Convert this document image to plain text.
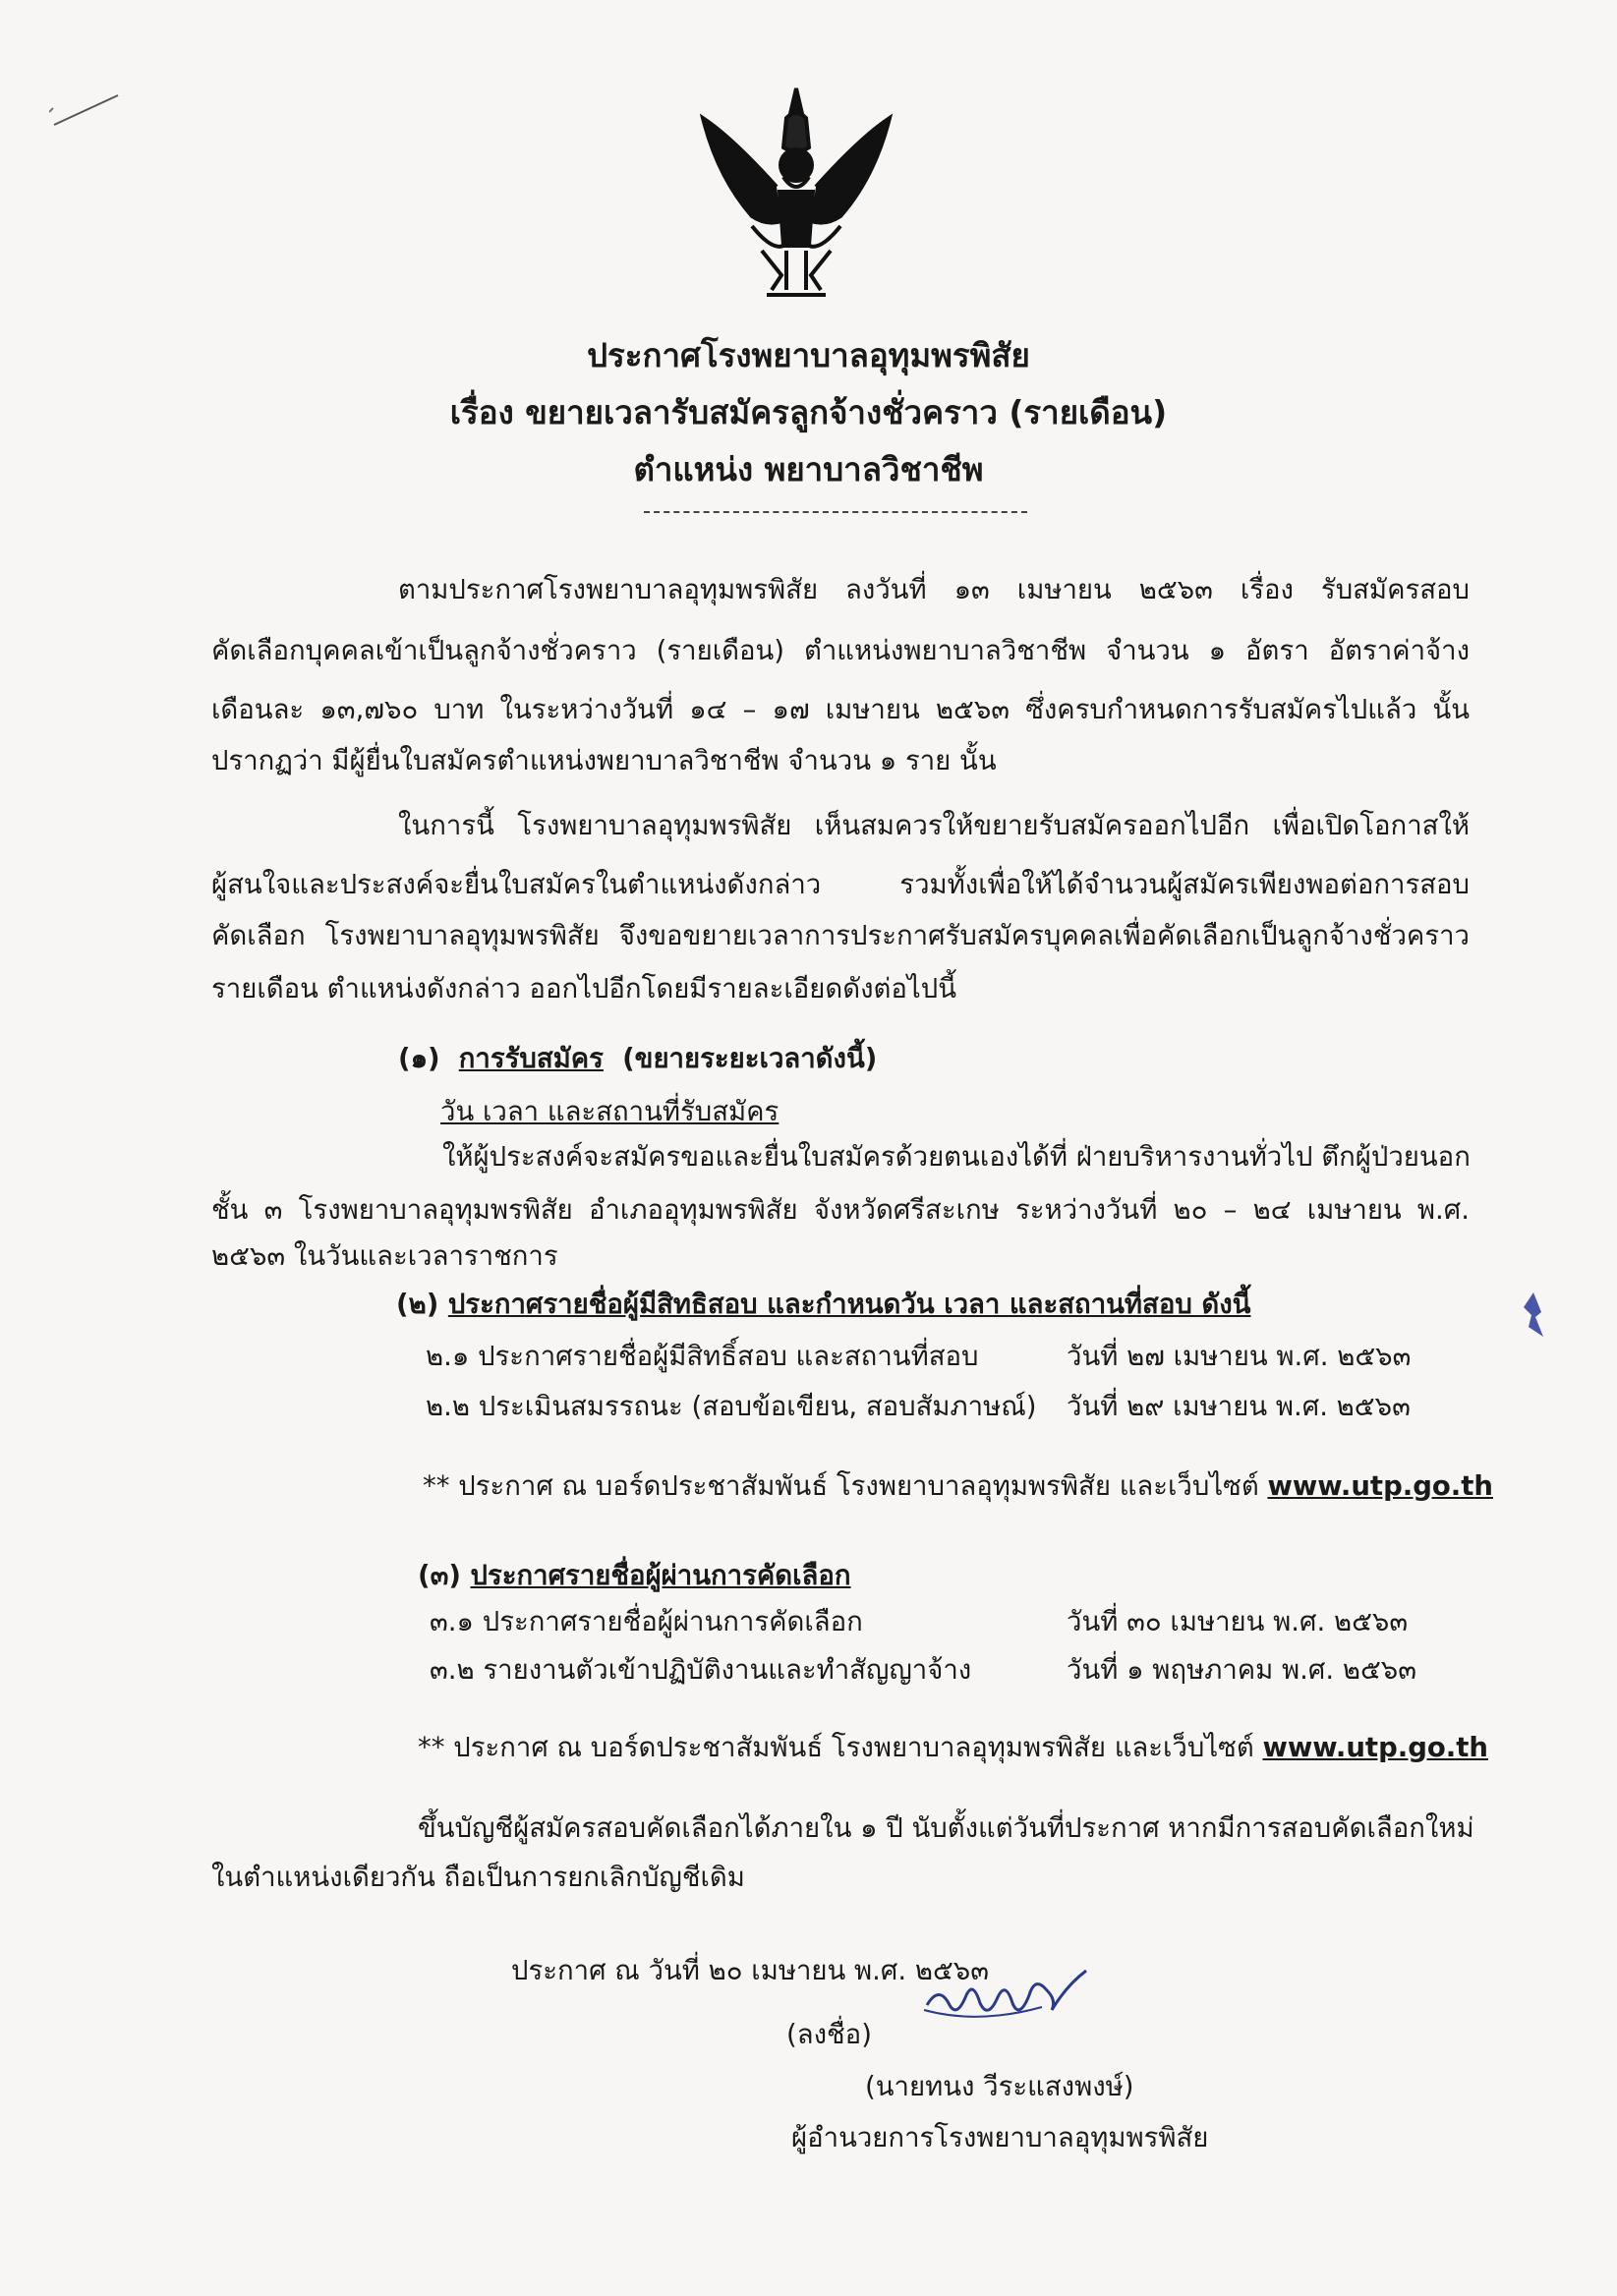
ประกาศโรงพยาบาลอุทุมพรพิสัย
เรื่อง ขยายเวลารับสมัครลูกจ้างชั่วคราว (รายเดือน)
ตำแหน่ง พยาบาลวิชาชีพ
ตามประกาศโรงพยาบาลอุทุมพรพิสัย ลงวันที่ ๑๓ เมษายน ๒๕๖๓ เรื่อง รับสมัครสอบ
คัดเลือกบุคคลเข้าเป็นลูกจ้างชั่วคราว (รายเดือน) ตำแหน่งพยาบาลวิชาชีพ จำนวน ๑ อัตรา อัตราค่าจ้าง
เดือนละ ๑๓,๗๖๐ บาท ในระหว่างวันที่ ๑๔ – ๑๗ เมษายน ๒๕๖๓ ซึ่งครบกำหนดการรับสมัครไปแล้ว นั้น
ปรากฏว่า มีผู้ยื่นใบสมัครตำแหน่งพยาบาลวิชาชีพ จำนวน ๑ ราย นั้น
ในการนี้ โรงพยาบาลอุทุมพรพิสัย เห็นสมควรให้ขยายรับสมัครออกไปอีก เพื่อเปิดโอกาสให้
ผู้สนใจและประสงค์จะยื่นใบสมัครในตำแหน่งดังกล่าว รวมทั้งเพื่อให้ได้จำนวนผู้สมัครเพียงพอต่อการสอบ
คัดเลือก โรงพยาบาลอุทุมพรพิสัย จึงขอขยายเวลาการประกาศรับสมัครบุคคลเพื่อคัดเลือกเป็นลูกจ้างชั่วคราว
รายเดือน ตำแหน่งดังกล่าว ออกไปอีกโดยมีรายละเอียดดังต่อไปนี้
(๑) การรับสมัคร (ขยายระยะเวลาดังนี้)
วัน เวลา และสถานที่รับสมัคร
ให้ผู้ประสงค์จะสมัครขอและยื่นใบสมัครด้วยตนเองได้ที่ ฝ่ายบริหารงานทั่วไป ตึกผู้ป่วยนอก
ชั้น ๓ โรงพยาบาลอุทุมพรพิสัย อำเภออุทุมพรพิสัย จังหวัดศรีสะเกษ ระหว่างวันที่ ๒๐ – ๒๔ เมษายน พ.ศ.
๒๕๖๓ ในวันและเวลาราชการ
(๒) ประกาศรายชื่อผู้มีสิทธิสอบ และกำหนดวัน เวลา และสถานที่สอบ ดังนี้
๒.๑ ประกาศรายชื่อผู้มีสิทธิ์สอบ และสถานที่สอบ	วันที่ ๒๗ เมษายน พ.ศ. ๒๕๖๓
๒.๒ ประเมินสมรรถนะ (สอบข้อเขียน, สอบสัมภาษณ์) วันที่ ๒๙ เมษายน พ.ศ. ๒๕๖๓
** ประกาศ ณ บอร์ดประชาสัมพันธ์ โรงพยาบาลอุทุมพรพิสัย และเว็บไซต์ www.utp.go.th
(๓) ประกาศรายชื่อผู้ผ่านการคัดเลือก
๓.๑ ประกาศรายชื่อผู้ผ่านการคัดเลือก	วันที่ ๓๐ เมษายน พ.ศ. ๒๕๖๓
๓.๒ รายงานตัวเข้าปฏิบัติงานและทำสัญญาจ้าง	วันที่ ๑ พฤษภาคม พ.ศ. ๒๕๖๓
** ประกาศ ณ บอร์ดประชาสัมพันธ์ โรงพยาบาลอุทุมพรพิสัย และเว็บไซต์ www.utp.go.th
ขึ้นบัญชีผู้สมัครสอบคัดเลือกได้ภายใน ๑ ปี นับตั้งแต่วันที่ประกาศ หากมีการสอบคัดเลือกใหม่
ในตำแหน่งเดียวกัน ถือเป็นการยกเลิกบัญชีเดิม
ประกาศ ณ วันที่ ๒๐ เมษายน พ.ศ. ๒๕๖๓
(ลงชื่อ)
(นายทนง วีระแสงพงษ์)
ผู้อำนวยการโรงพยาบาลอุทุมพรพิสัย
